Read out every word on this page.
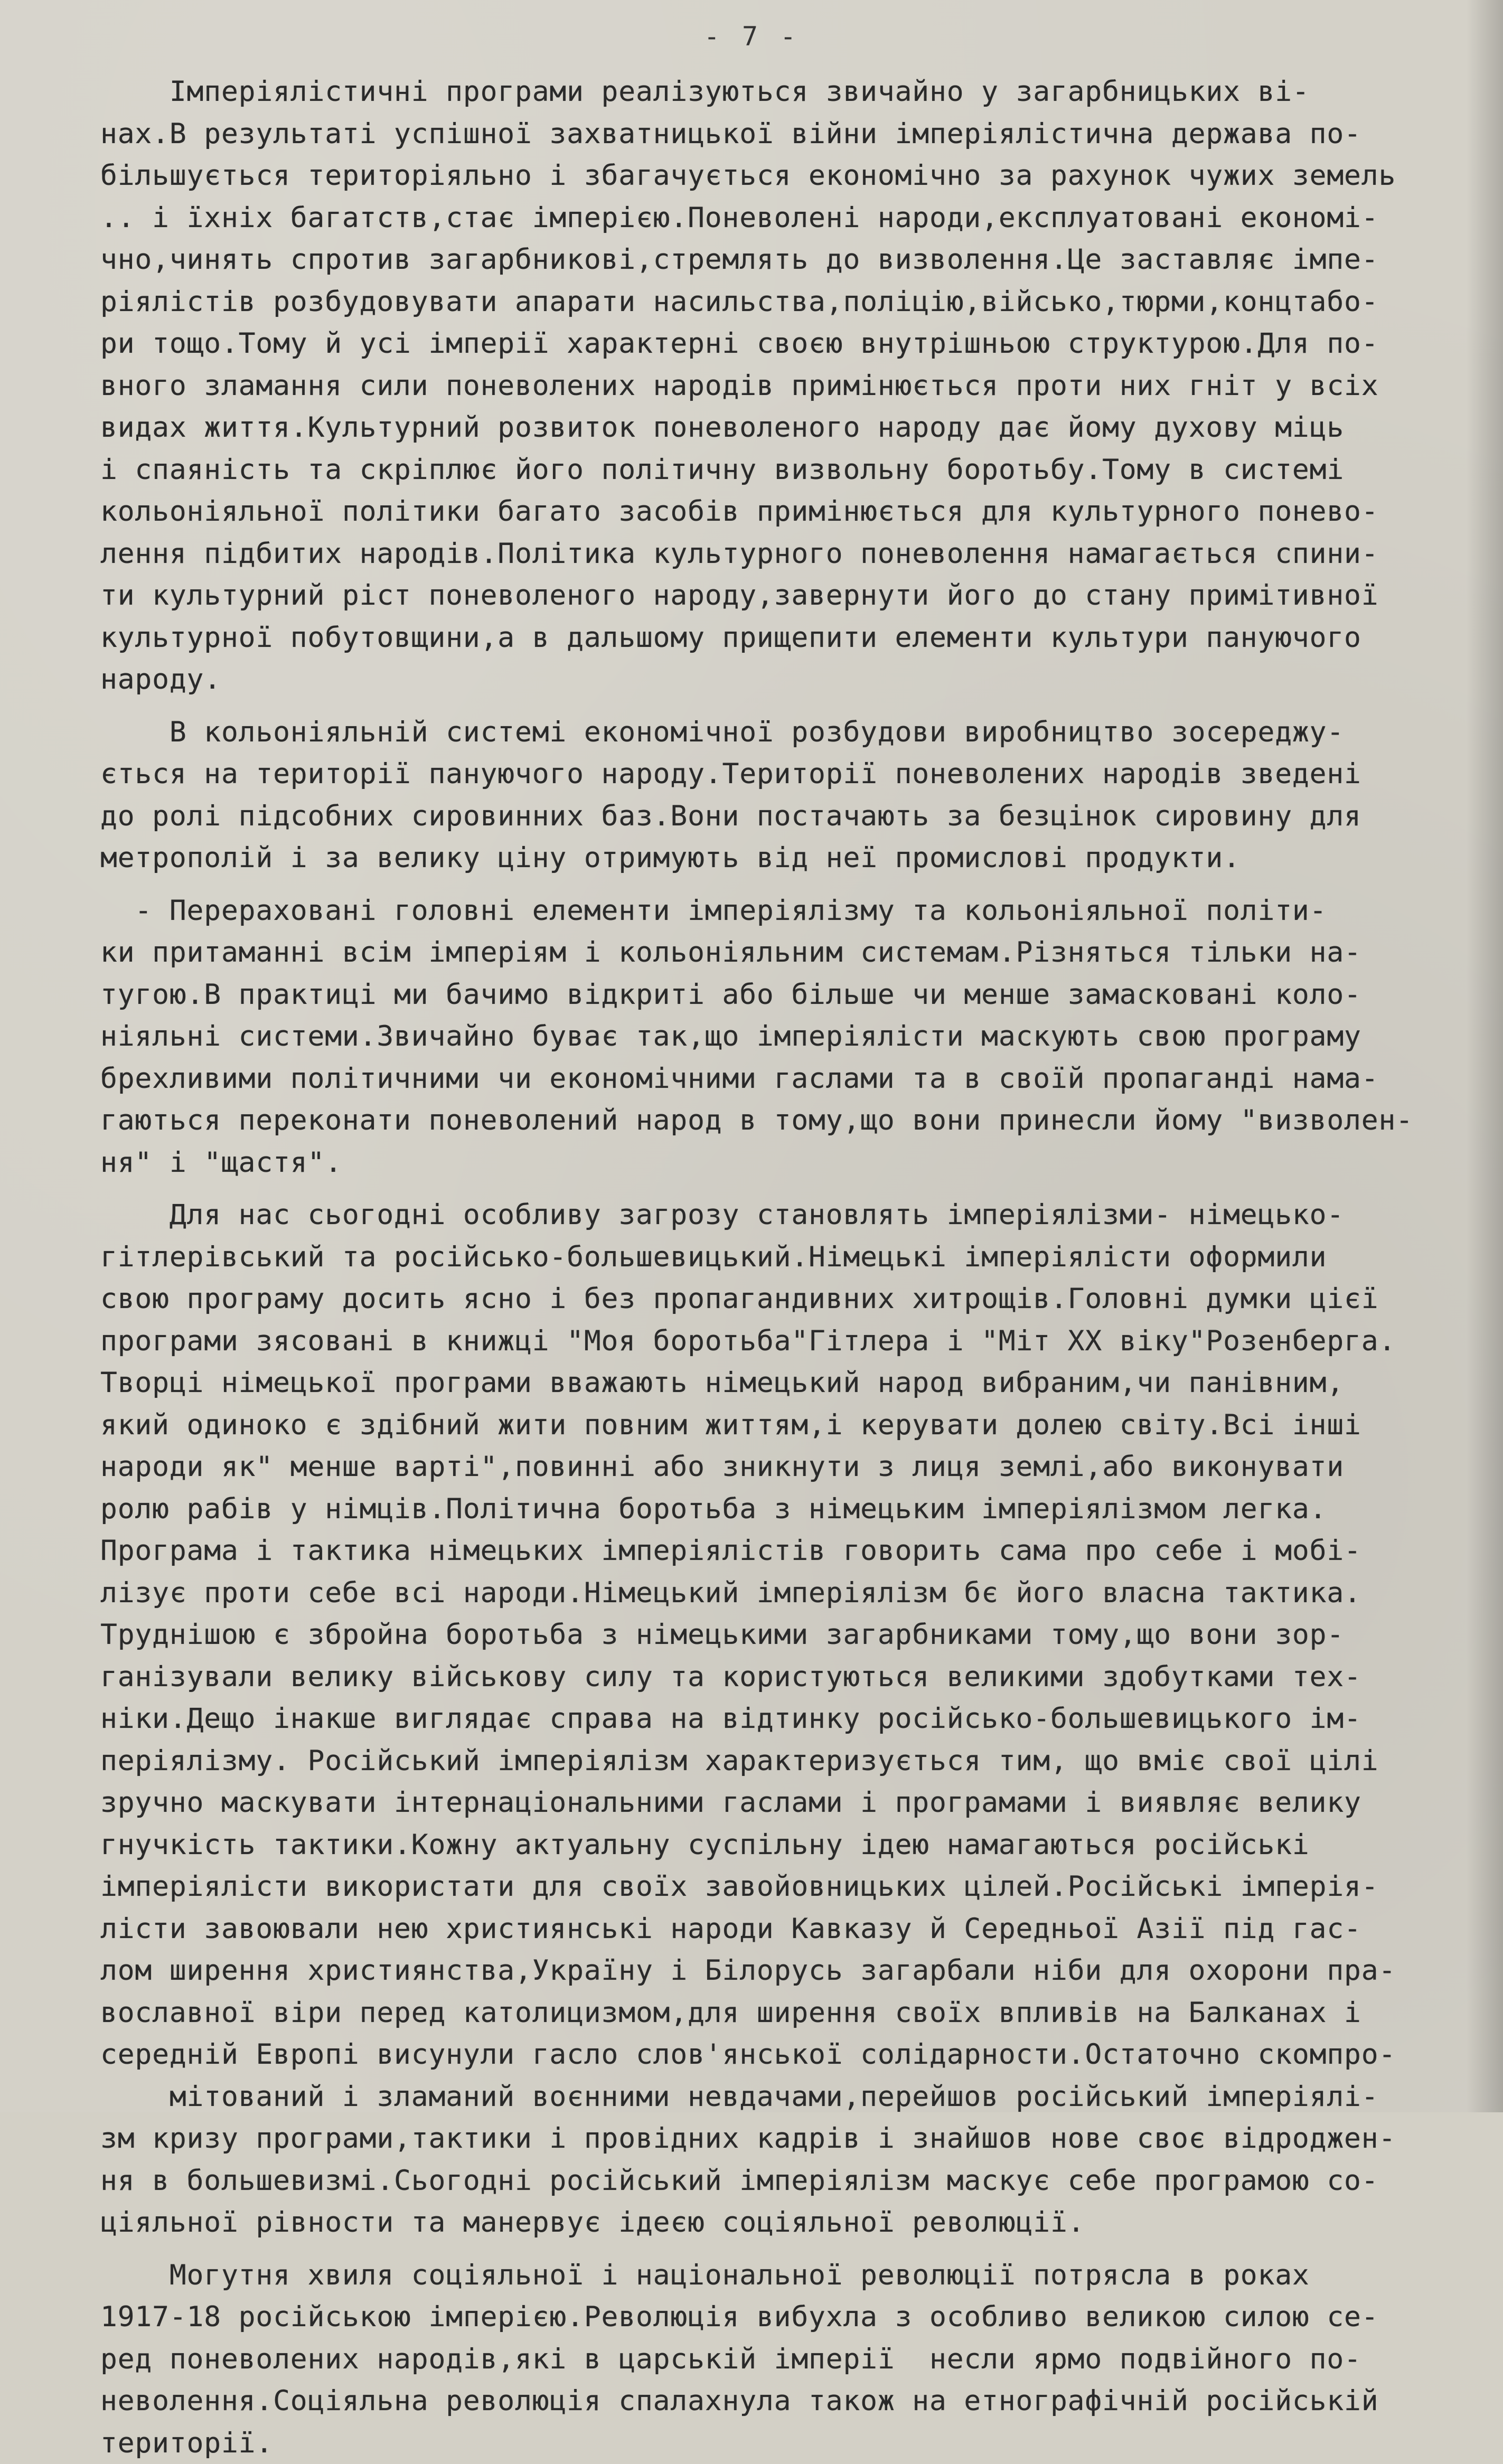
- 7 -
Імперіялістичні програми реалізуються звичайно у загарбницьких ві-
нах.В результаті успішної захватницької війни імперіялістична держава по-
більшується територіяльно і збагачується економічно за рахунок чужих земель
.. і їхніх багатств,стає імперією.Поневолені народи,експлуатовані економі-
чно,чинять спротив загарбникові,стремлять до визволення.Це заставляє імпе-
ріялістів розбудовувати апарати насильства,поліцію,військо,тюрми,концтабо-
ри тощо.Тому й усі імперії характерні своєю внутрішньою структурою.Для по-
вного зламання сили поневолених народів примінюється проти них гніт у всіх
видах життя.Культурний розвиток поневоленого народу дає йому духову міць
і спаяність та скріплює його політичну визвольну боротьбу.Тому в системі
кольоніяльної політики багато засобів примінюється для культурного понево-
лення підбитих народів.Політика культурного поневолення намагається спини-
ти культурний ріст поневоленого народу,завернути його до стану примітивної
культурної побутовщини,а в дальшому прищепити елементи культури пануючого
народу.
В кольоніяльній системі економічної розбудови виробництво зосереджу-
ється на території пануючого народу.Території поневолених народів зведені
до ролі підсобних сировинних баз.Вони постачають за безцінок сировину для
метрополій і за велику ціну отримують від неї промислові продукти.
- Перераховані головні елементи імперіялізму та кольоніяльної політи-
ки притаманні всім імперіям і кольоніяльним системам.Різняться тільки на-
тугою.В практиці ми бачимо відкриті або більше чи менше замасковані коло-
ніяльні системи.Звичайно буває так,що імперіялісти маскують свою програму
брехливими політичними чи економічними гаслами та в своїй пропаганді нама-
гаються переконати поневолений народ в тому,що вони принесли йому "визволен-
ня" і "щастя".
Для нас сьогодні особливу загрозу становлять імперіялізми- німецько-
гітлерівський та російсько-большевицький.Німецькі імперіялісти оформили
свою програму досить ясно і без пропагандивних хитрощів.Головні думки цієї
програми зясовані в книжці "Моя боротьба"Гітлера і "Міт ХХ віку"Розенберга.
Творці німецької програми вважають німецький народ вибраним,чи панівним,
який одиноко є здібний жити повним життям,і керувати долею світу.Всі інші
народи як" менше варті",повинні або зникнути з лиця землі,або виконувати
ролю рабів у німців.Політична боротьба з німецьким імперіялізмом легка.
Програма і тактика німецьких імперіялістів говорить сама про себе і мобі-
лізує проти себе всі народи.Німецький імперіялізм бє його власна тактика.
Труднішою є збройна боротьба з німецькими загарбниками тому,що вони зор-
ганізували велику військову силу та користуються великими здобутками тех-
ніки.Дещо інакше виглядає справа на відтинку російсько-большевицького ім-
періялізму. Російський імперіялізм характеризується тим, що вміє свої цілі
зручно маскувати інтернаціональними гаслами і програмами і виявляє велику
гнучкість тактики.Кожну актуальну суспільну ідею намагаються російські
імперіялісти використати для своїх завойовницьких цілей.Російські імперія-
лісти завоювали нею християнські народи Кавказу й Середньої Азії під гас-
лом ширення християнства,Україну і Білорусь загарбали ніби для охорони пра-
вославної віри перед католицизмом,для ширення своїх впливів на Балканах і
середній Европі висунули гасло слов'янської солідарности.Остаточно скомпро-
мітований і зламаний воєнними невдачами,перейшов російський імперіялі-
зм кризу програми,тактики і провідних кадрів і знайшов нове своє відроджен-
ня в большевизмі.Сьогодні російський імперіялізм маскує себе програмою со-
ціяльної рівности та манервує ідеєю соціяльної революції.
Могутня хвиля соціяльної і національної революції потрясла в роках
1917-18 російською імперією.Революція вибухла з особливо великою силою се-
ред поневолених народів,які в царській імперії  несли ярмо подвійного по-
неволення.Соціяльна революція спалахнула також на етнографічній російській
території.
